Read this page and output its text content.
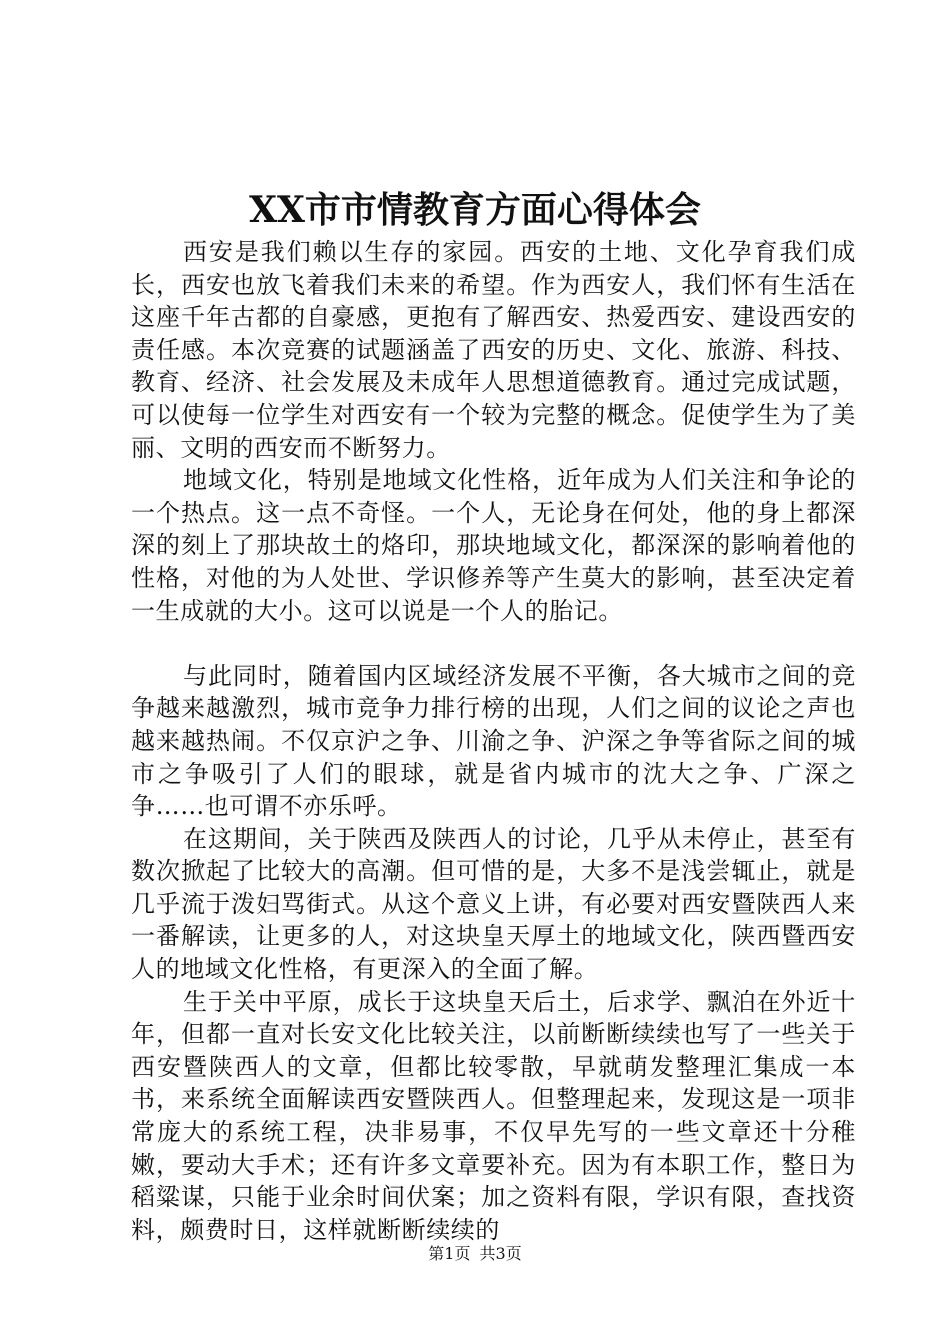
XX市市情教育方面心得体会

西安是我们赖以生存的家园。西安的土地、文化孕育我们成长，西安也放飞着我们未来的希望。作为西安人，我们怀有生活在这座千年古都的自豪感，更抱有了解西安、热爱西安、建设西安的责任感。本次竞赛的试题涵盖了西安的历史、文化、旅游、科技、教育、经济、社会发展及未成年人思想道德教育。通过完成试题，可以使每一位学生对西安有一个较为完整的概念。促使学生为了美丽、文明的西安而不断努力。

地域文化，特别是地域文化性格，近年成为人们关注和争论的一个热点。这一点不奇怪。一个人，无论身在何处，他的身上都深深的刻上了那块故土的烙印，那块地域文化，都深深的影响着他的性格，对他的为人处世、学识修养等产生莫大的影响，甚至决定着一生成就的大小。这可以说是一个人的胎记。

与此同时，随着国内区域经济发展不平衡，各大城市之间的竞争越来越激烈，城市竞争力排行榜的出现，人们之间的议论之声也越来越热闹。不仅京沪之争、川渝之争、沪深之争等省际之间的城市之争吸引了人们的眼球，就是省内城市的沈大之争、广深之争……也可谓不亦乐呼。

在这期间，关于陕西及陕西人的讨论，几乎从未停止，甚至有数次掀起了比较大的高潮。但可惜的是，大多不是浅尝辄止，就是几乎流于泼妇骂街式。从这个意义上讲，有必要对西安暨陕西人来一番解读，让更多的人，对这块皇天厚土的地域文化，陕西暨西安人的地域文化性格，有更深入的全面了解。

生于关中平原，成长于这块皇天后土，后求学、飘泊在外近十年，但都一直对长安文化比较关注，以前断断续续也写了一些关于西安暨陕西人的文章，但都比较零散，早就萌发整理汇集成一本书，来系统全面解读西安暨陕西人。但整理起来，发现这是一项非常庞大的系统工程，决非易事，不仅早先写的一些文章还十分稚嫩，要动大手术；还有许多文章要补充。因为有本职工作，整日为稻粱谋，只能于业余时间伏案；加之资料有限，学识有限，查找资料，颇费时日，这样就断断续续的

第1页 共3页
